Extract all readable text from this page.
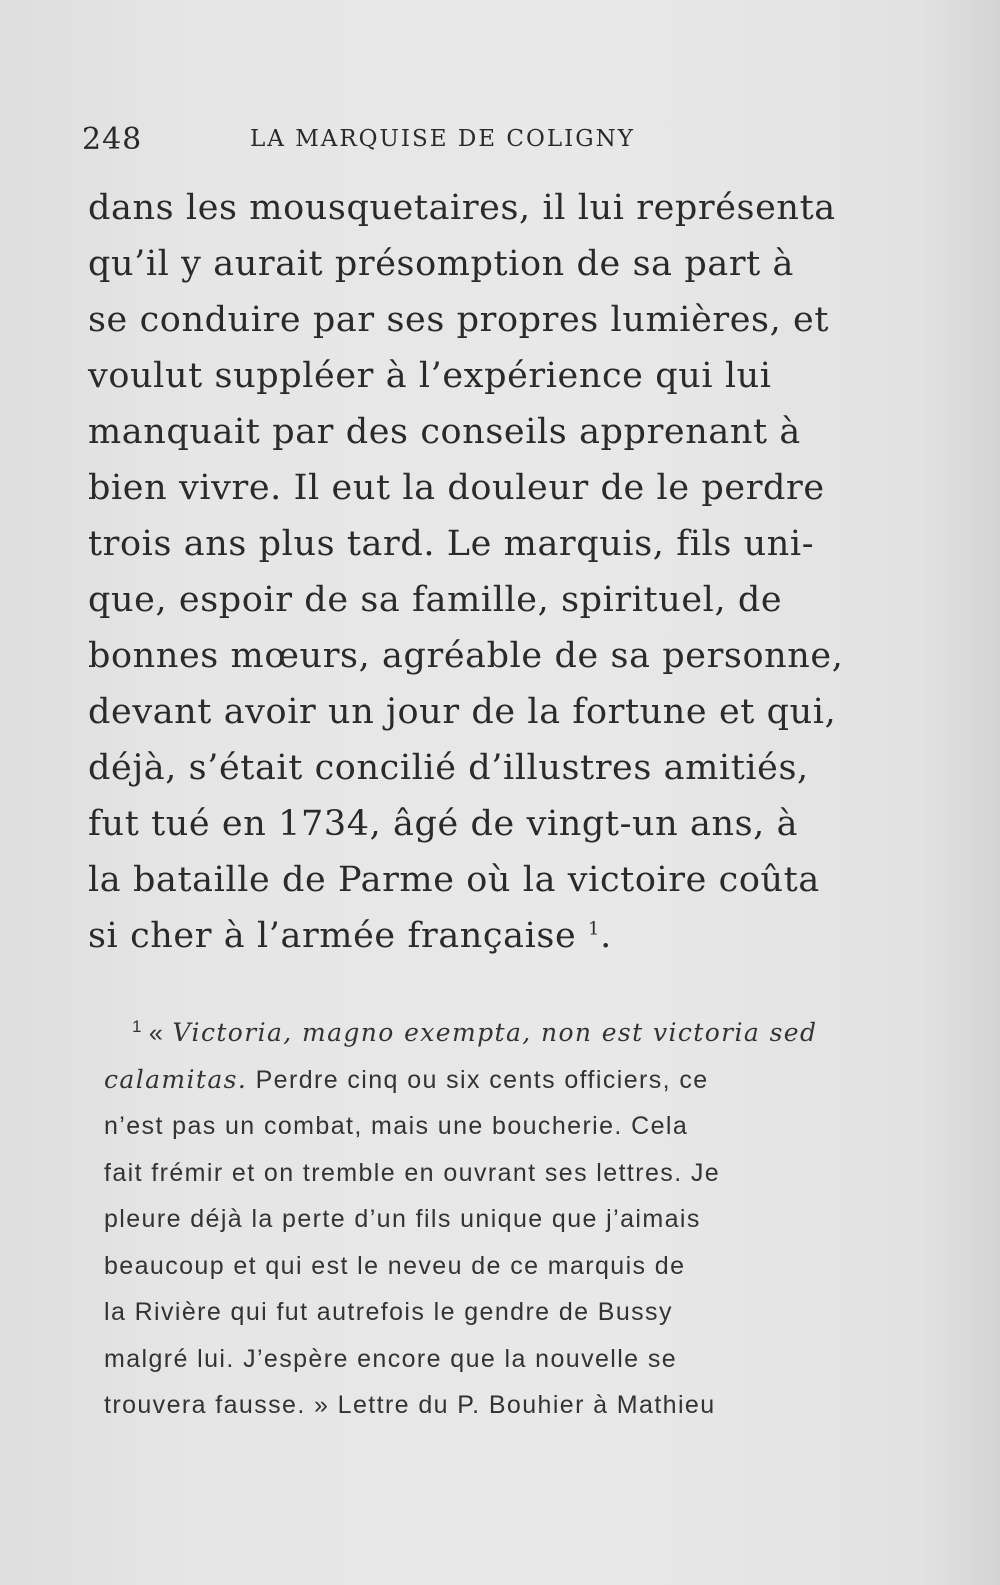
248	LA MARQUISE DE COLIGNY
dans les mousquetaires, il lui représenta
qu’il y aurait présomption de sa part à
se conduire par ses propres lumières, et
voulut suppléer à l’expérience qui lui
manquait par des conseils apprenant à
bien vivre. Il eut la douleur de le perdre
trois ans plus tard. Le marquis, fils uni-
que, espoir de sa famille, spirituel, de
bonnes mœurs, agréable de sa personne,
devant avoir un jour de la fortune et qui,
déjà, s’était concilié d’illustres amitiés,
fut tué en 1734, âgé de vingt-un ans, à
la bataille de Parme où la victoire coûta
si cher à l’armée française $^1$.
$^1$ « Victoria, magno exempta, non est victoria sed
calamitas. Perdre cinq ou six cents officiers, ce
n’est pas un combat, mais une boucherie. Cela
fait frémir et on tremble en ouvrant ses lettres. Je
pleure déjà la perte d’un fils unique que j’aimais
beaucoup et qui est le neveu de ce marquis de
la Rivière qui fut autrefois le gendre de Bussy
malgré lui. J’espère encore que la nouvelle se
trouvera fausse. » Lettre du P. Bouhier à Mathieu
